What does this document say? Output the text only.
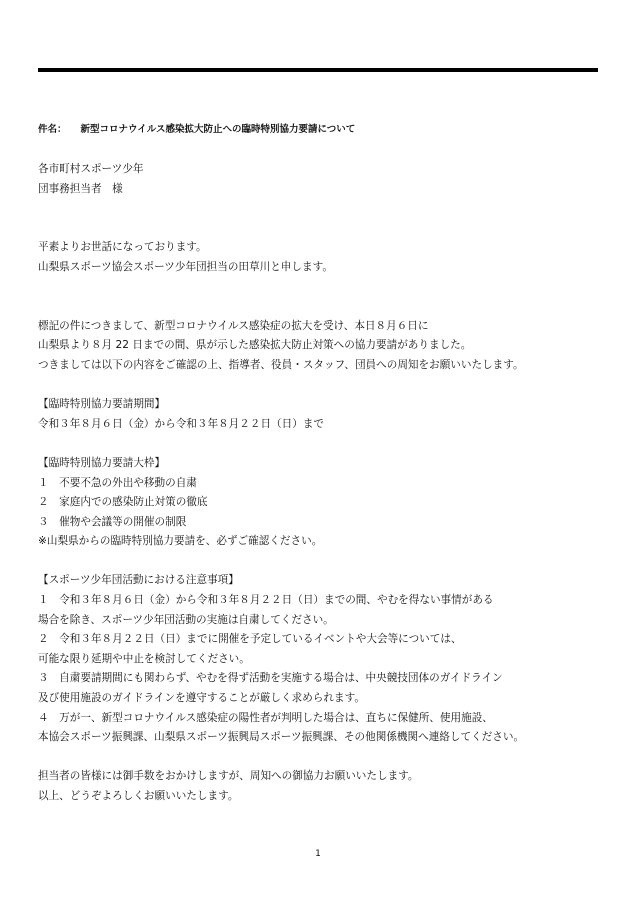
件名： 新型コロナウイルス感染拡大防止への臨時特別協力要請について

各市町村スポーツ少年

団事務担当者　様

平素よりお世話になっております。

山梨県スポーツ協会スポーツ少年団担当の田草川と申します。

標記の件につきまして、新型コロナウイルス感染症の拡大を受け、本日８月６日に

山梨県より８月 22 日までの間、県が示した感染拡大防止対策への協力要請がありました。

つきましては以下の内容をご確認の上、指導者、役員・スタッフ、団員への周知をお願いいたします。

【臨時特別協力要請期間】

令和３年８月６日（金）から令和３年８月２２日（日）まで

【臨時特別協力要請大枠】

１　不要不急の外出や移動の自粛

２　家庭内での感染防止対策の徹底

３　催物や会議等の開催の制限

※山梨県からの臨時特別協力要請を、必ずご確認ください。

【スポーツ少年団活動における注意事項】

１　令和３年８月６日（金）から令和３年８月２２日（日）までの間、やむを得ない事情がある

場合を除き、スポーツ少年団活動の実施は自粛してください。

２　令和３年８月２２日（日）までに開催を予定しているイベントや大会等については、

可能な限り延期や中止を検討してください。

３　自粛要請期間にも関わらず、やむを得ず活動を実施する場合は、中央競技団体のガイドライン

及び使用施設のガイドラインを遵守することが厳しく求められます。

４　万が一、新型コロナウイルス感染症の陽性者が判明した場合は、直ちに保健所、使用施設、

本協会スポーツ振興課、山梨県スポーツ振興局スポーツ振興課、その他関係機関へ連絡してください。

担当者の皆様には御手数をおかけしますが、周知への御協力お願いいたします。

以上、どうぞよろしくお願いいたします。

1
